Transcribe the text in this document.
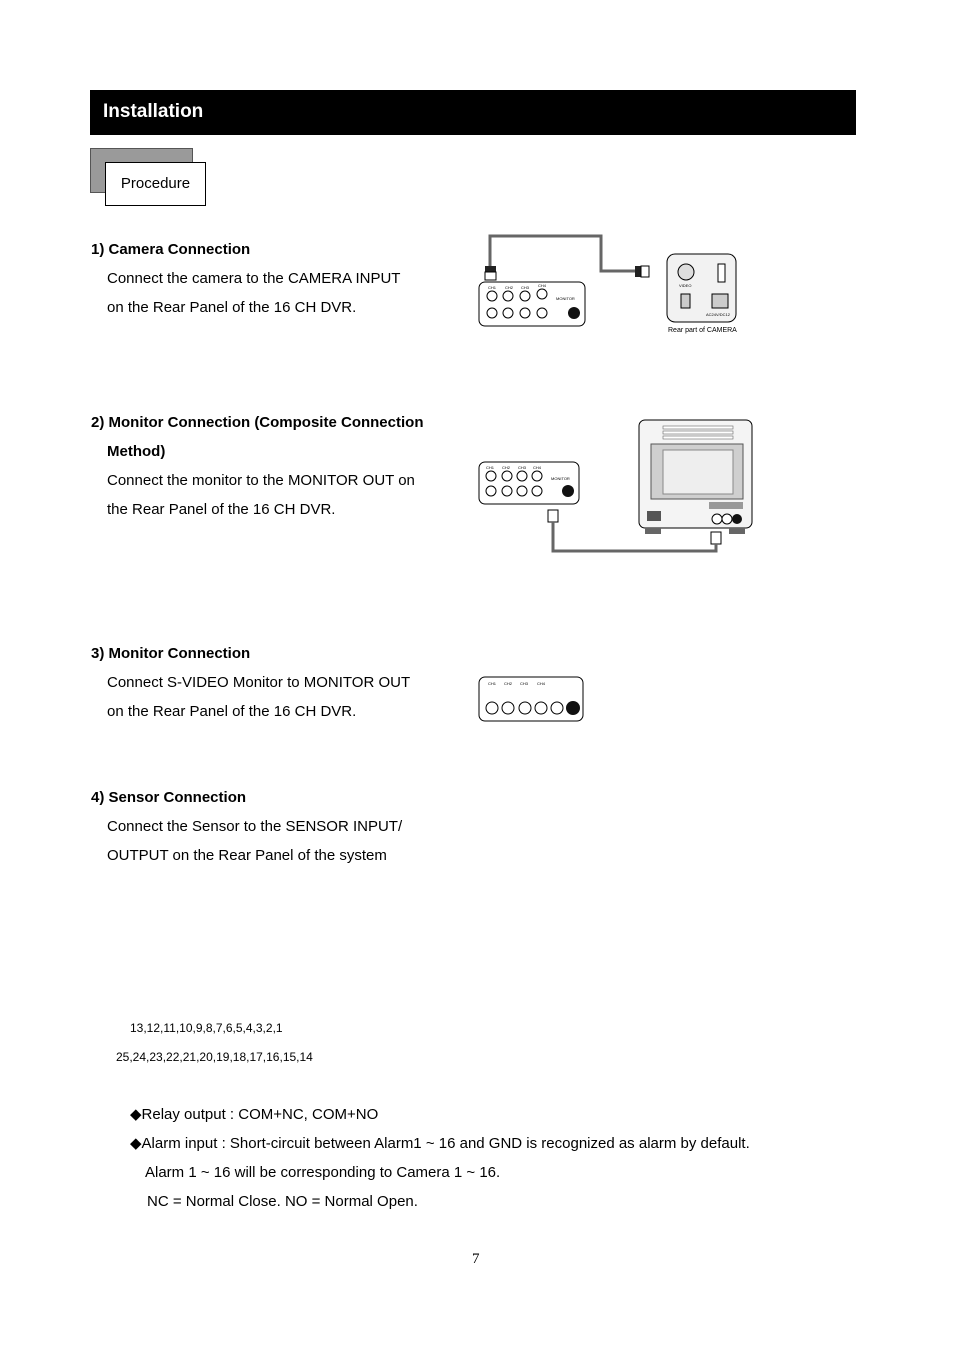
Installation
Procedure
1) Camera Connection
Connect the camera to the CAMERA INPUT
on the Rear Panel of the 16 CH DVR.
CH1 CH2 CH3 CH4
MONITOR
VIDEO
AC24V/DC12
Rear part of CAMERA
2) Monitor Connection (Composite Connection
Method)
Connect the monitor to the MONITOR OUT on
the Rear Panel of the 16 CH DVR.
CH1 CH2 CH3 CH4
MONITOR
3) Monitor Connection
Connect S-VIDEO Monitor to MONITOR OUT
on the Rear Panel of the 16 CH DVR.
CH1 CH2 CH3 CH4
4) Sensor Connection
Connect the Sensor to the SENSOR INPUT/
OUTPUT on the Rear Panel of the system
13,12,11,10,9,8,7,6,5,4,3,2,1
25,24,23,22,21,20,19,18,17,16,15,14
◆Relay output : COM+NC, COM+NO
◆Alarm input : Short-circuit between Alarm1 ~ 16 and GND is recognized as alarm by default.
Alarm 1 ~ 16 will be corresponding to Camera 1 ~ 16.
NC = Normal Close. NO = Normal Open.
7
